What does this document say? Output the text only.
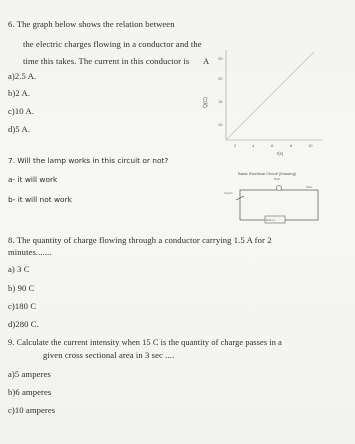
6. The graph below shows the relation between
the electric charges flowing in a conductor and the
time this takes. The current in this conductor is A
a)2.5 A.
b)2 A.
c)10 A.
d)5 A.
Q(C)
25
20
15
10
2	4	6	8	10
t(s)
7. Will the lamp works in this circuit or not?
a- it will work
b- it will not work
Basic Electrical Circuit (Drawing)
Bulb
Switch
Wire
Battery
8. The quantity of charge flowing through a conductor carrying 1.5 A for 2
minutes.......
a) 3 C
b) 90 C
c)180 C
d)280 C.
9. Calculate the current intensity when 15 C is the quantity of charge passes in a
given cross sectional area in 3 sec ....
a)5 amperes
b)6 amperes
c)10 amperes
